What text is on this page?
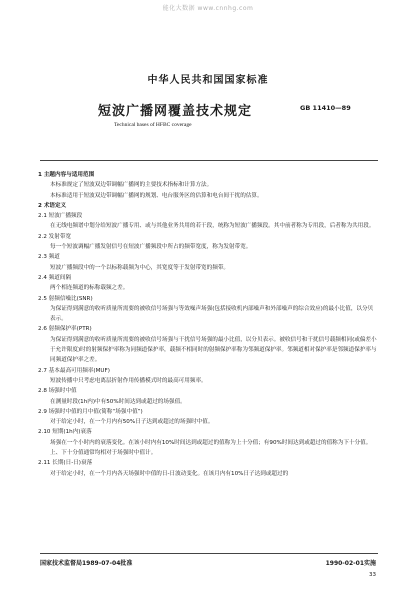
能化大数据 www.cnnhg.com
中华人民共和国国家标准
短波广播网覆盖技术规定	GB 11410—89
Technical bases of HFBC coverage

1 主题内容与适用范围

本标准规定了短波双边带调幅广播网的主要技术指标和计算方法。

本标准适用于短波双边带调幅广播网的规划、电台服务区的估算和电台间干扰的估算。

2 术语定义

2.1 短波广播频段

在无线电频谱中划分给短波广播专用、或与其他业务共用的若干段，统称为短波广播频段。其中前者称为专用段，后者称为共用段。

2.2 发射带宽

每一个短波调幅广播发射信号在短波广播频段中所占的频带宽度，称为发射带宽。

2.3 频道

短波广播频段中的一个以标称载频为中心，其宽度等于发射带宽的频带。

2.4 频道间隔

两个相连频道的标称载频之差。

2.5 射频信噪比(SNR)

为保证得到满意的收听质量所需要的被收信号场强与等效噪声场强(包括接收机内部噪声和外部噪声的综合效应)的最小比值，以分贝表示。

2.6 射频保护率(PTR)

为保证得到满意的收听质量所需要的被收信号场强与干扰信号场强的最小比值，以分贝表示。被收信号和干扰信号载频相同(或偏差小于允许限度)时的射频保护率称为同频道保护率，载频不相同时的射频保护率称为邻频道保护率。邻频道相对保护率是邻频道保护率与同频道保护率之差。

2.7 基本最高可用频率(MUF)

短波传播中只考虑电离层折射作用传播模式时的最高可用频率。

2.8 场强时中值

在测量时段(1h内)中有50%时间达到或超过的场强值。

2.9 场强时中值的月中值(简称“场强中值”)

对于给定小时，在一个月内有50%日子达到或超过的场强时中值。

2.10 短期(1h内)衰落

场强在一个小时内的衰落变化。在该小时内有10%时间达到或超过的值称为上十分值；有90%时间达到或超过的值称为下十分值。上、下十分值通常均相对于场强时中值计。

2.11 长期(日-日)衰落

对于给定小时，在一个月内各天场强时中值的日-日波动变化。在该月内有10%日子达到或超过的

国家技术监督局1989-07-04批准	1990-02-01实施
33
